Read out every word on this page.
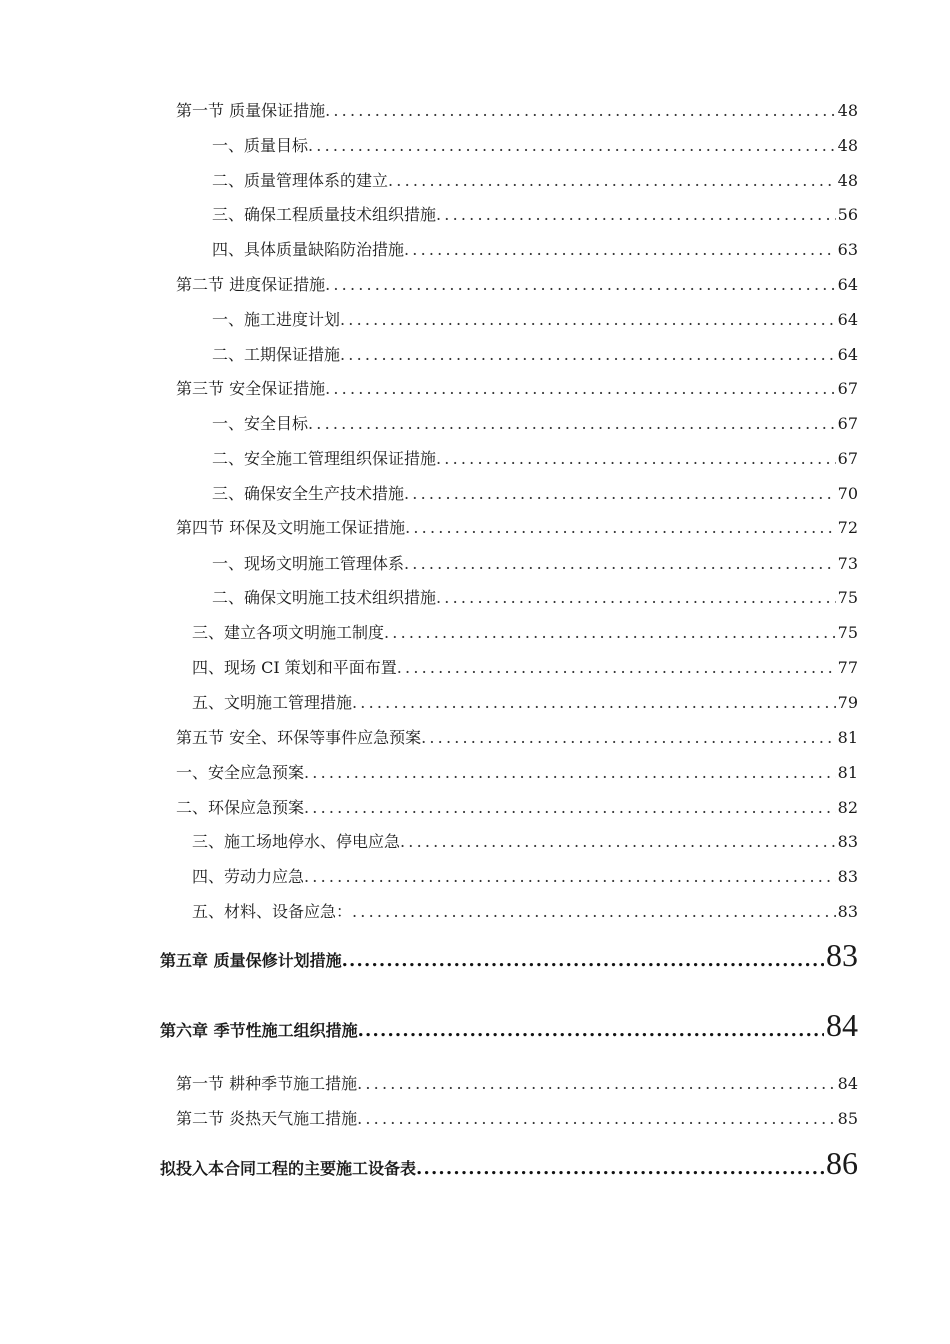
第一节 质量保证措施 .....	48
一、质量目标 .....	48
二、质量管理体系的建立 .....	48
三、确保工程质量技术组织措施 .....	56
四、具体质量缺陷防治措施 .....	63
第二节 进度保证措施 .....	64
一、施工进度计划 .....	64
二、工期保证措施 .....	64
第三节 安全保证措施 .....	67
一、安全目标 .....	67
二、安全施工管理组织保证措施 .....	67
三、确保安全生产技术措施 .....	70
第四节 环保及文明施工保证措施 .....	72
一、现场文明施工管理体系 .....	73
二、确保文明施工技术组织措施 .....	75
三、建立各项文明施工制度 .....	75
四、现场 CI 策划和平面布置 .....	77
五、文明施工管理措施 .....	79
第五节 安全、环保等事件应急预案 .....	81
一、安全应急预案 .....	81
二、环保应急预案 .....	82
三、施工场地停水、停电应急 .....	83
四、劳动力应急 .....	83
五、材料、设备应急： .....	83
第五章 质量保修计划措施 .....	83
第六章 季节性施工组织措施 .....	84
第一节 耕种季节施工措施 .....	84
第二节 炎热天气施工措施 .....	85
拟投入本合同工程的主要施工设备表 .....	86
